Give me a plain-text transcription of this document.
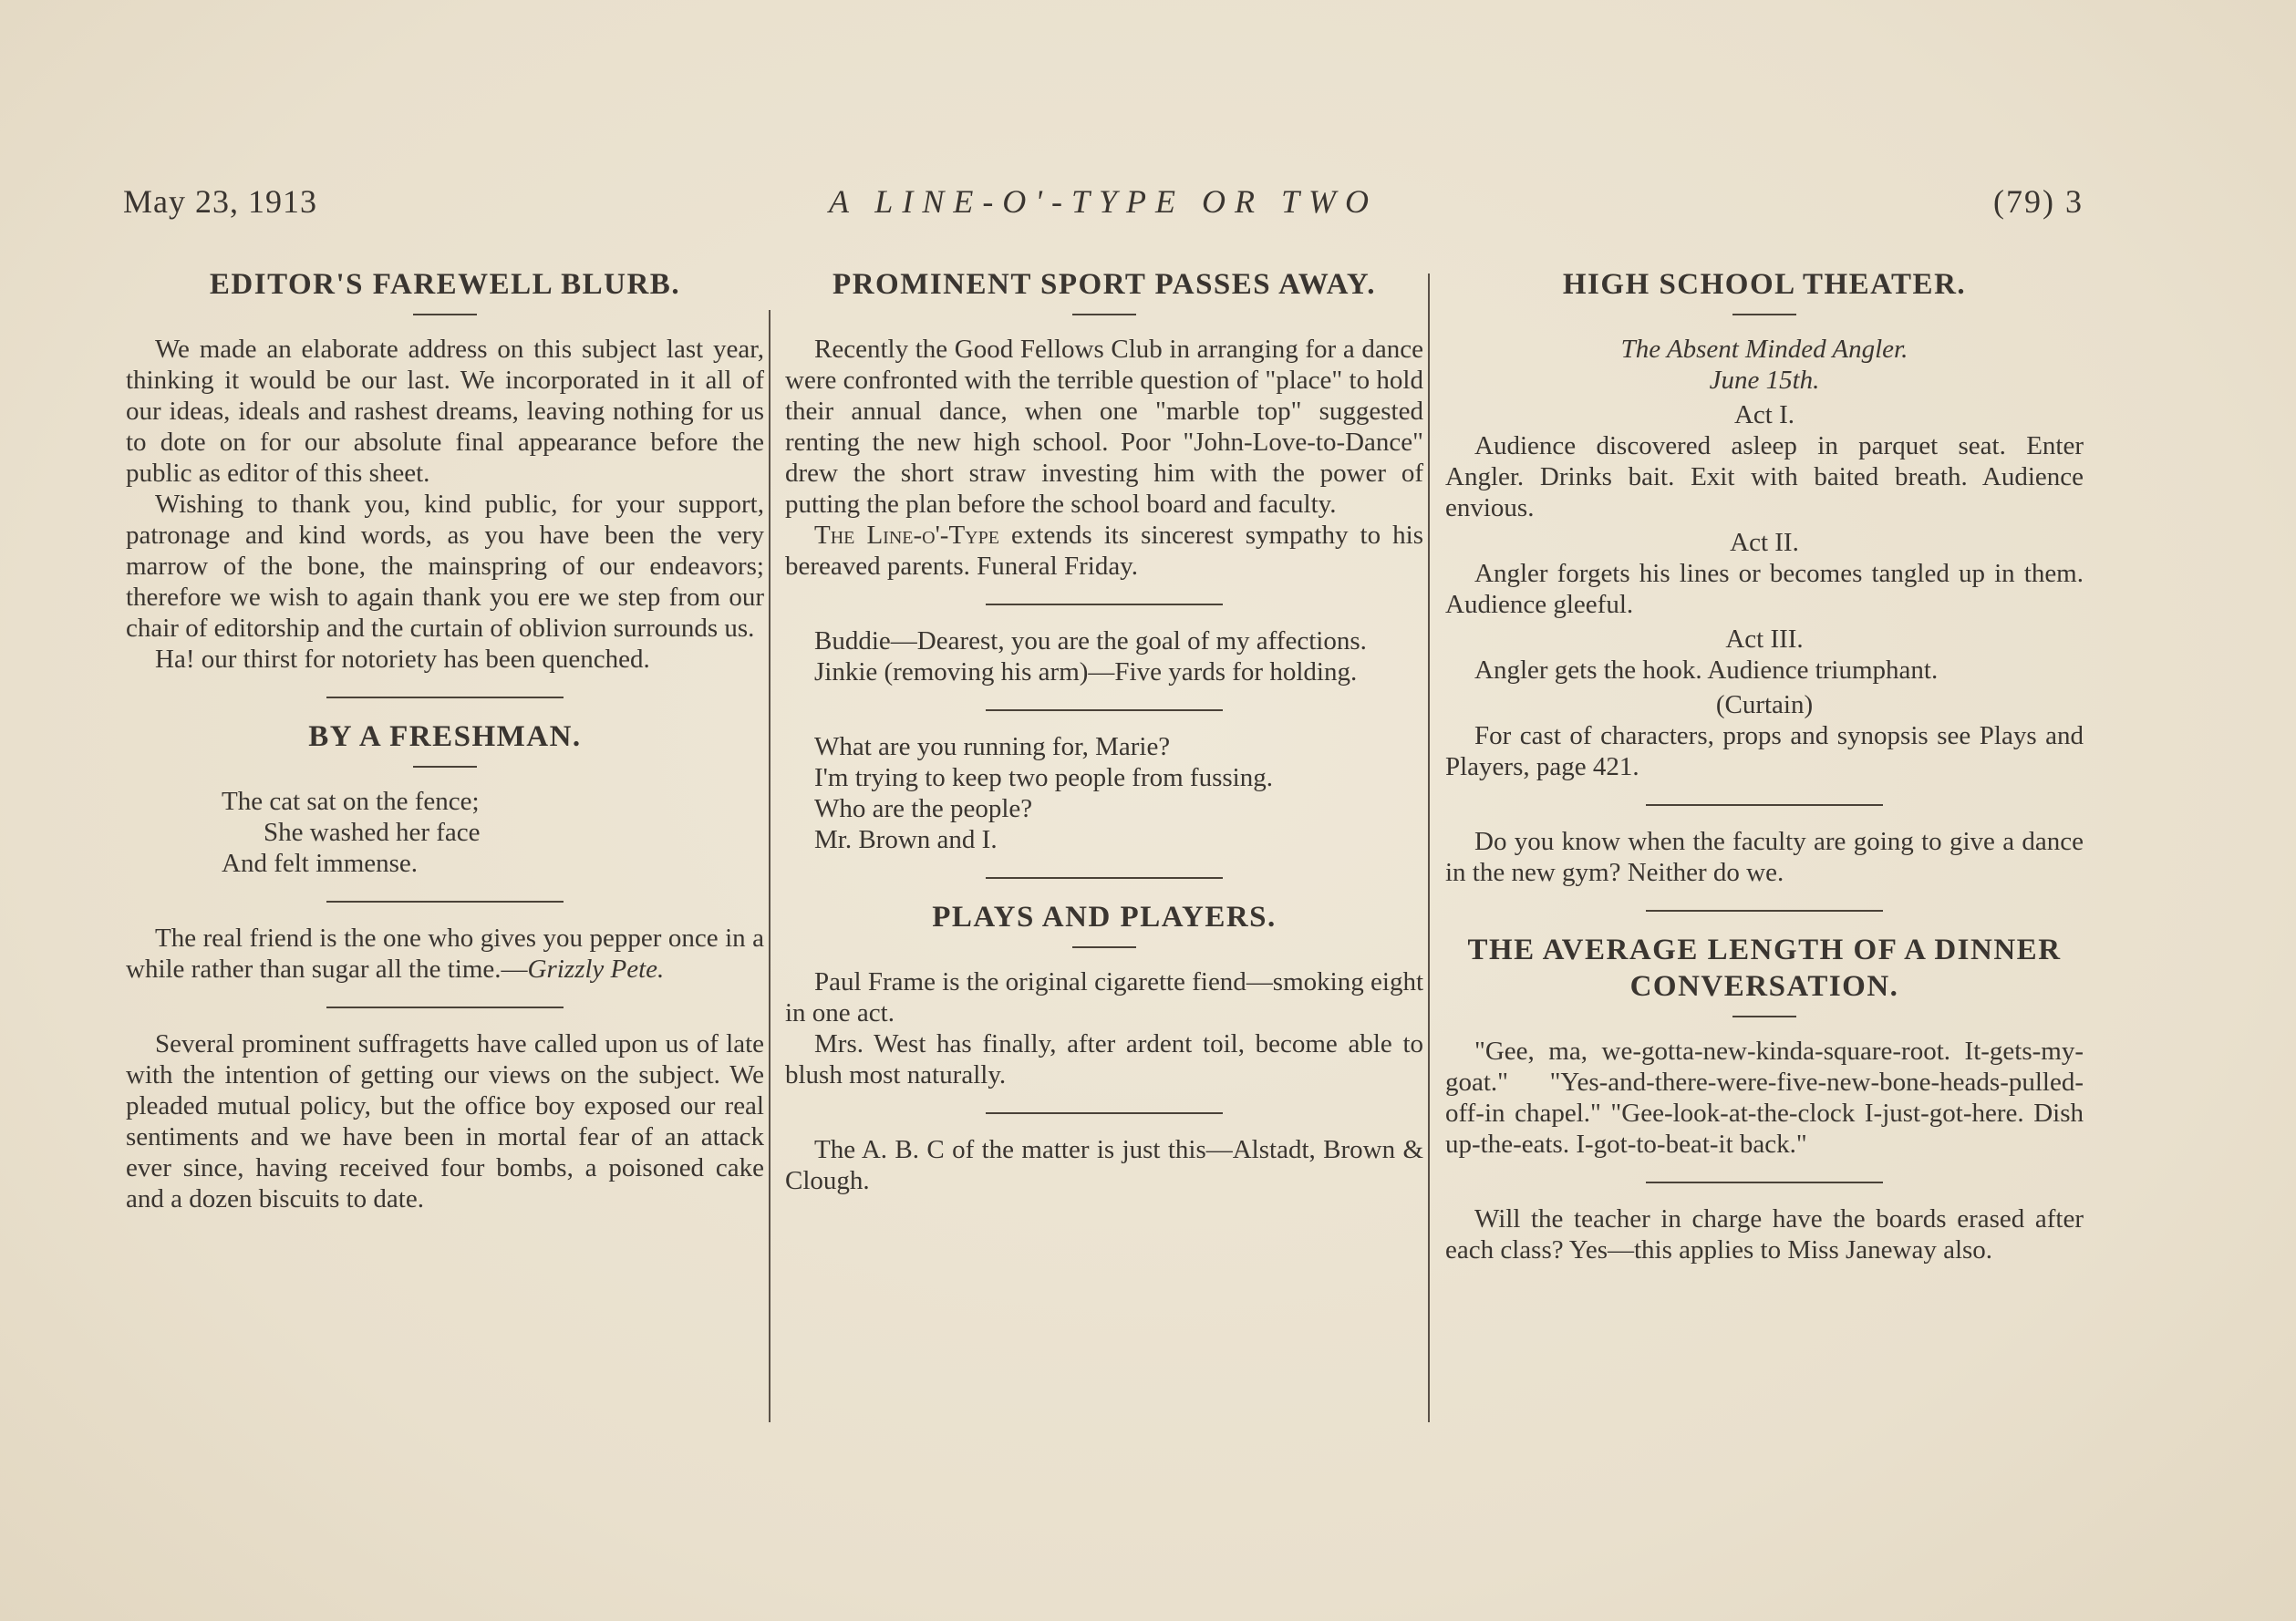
May 23, 1913	A LINE-O'-TYPE OR TWO	(79) 3
EDITOR'S FAREWELL BLURB.

We made an elaborate address on this subject last year, thinking it would be our last. We incorporated in it all of our ideas, ideals and rashest dreams, leaving nothing for us to dote on for our absolute final appearance before the public as editor of this sheet.

Wishing to thank you, kind public, for your support, patronage and kind words, as you have been the very marrow of the bone, the mainspring of our endeavors; therefore we wish to again thank you ere we step from our chair of editorship and the curtain of oblivion surrounds us.

Ha! our thirst for notoriety has been quenched.

BY A FRESHMAN.
The cat sat on the fence;
She washed her face
And felt immense.

The real friend is the one who gives you pepper once in a while rather than sugar all the time.—Grizzly Pete.

Several prominent suffragetts have called upon us of late with the intention of getting our views on the subject. We pleaded mutual policy, but the office boy exposed our real sentiments and we have been in mortal fear of an attack ever since, having received four bombs, a poisoned cake and a dozen biscuits to date.

PROMINENT SPORT PASSES AWAY.

Recently the Good Fellows Club in arranging for a dance were confronted with the terrible question of "place" to hold their annual dance, when one "marble top" suggested renting the new high school. Poor "John-Love-to-Dance" drew the short straw investing him with the power of putting the plan before the school board and faculty.

The Line-o'-Type extends its sincerest sympathy to his bereaved parents. Funeral Friday.

Buddie—Dearest, you are the goal of my affections.

Jinkie (removing his arm)—Five yards for holding.

What are you running for, Marie?

I'm trying to keep two people from fussing.

Who are the people?

Mr. Brown and I.

PLAYS AND PLAYERS.

Paul Frame is the original cigarette fiend—smoking eight in one act.

Mrs. West has finally, after ardent toil, become able to blush most naturally.

The A. B. C of the matter is just this—Alstadt, Brown & Clough.

HIGH SCHOOL THEATER.
The Absent Minded Angler.
June 15th.
Act I.

Audience discovered asleep in parquet seat. Enter Angler. Drinks bait. Exit with baited breath. Audience envious.

Act II.

Angler forgets his lines or becomes tangled up in them. Audience gleeful.

Act III.

Angler gets the hook. Audience triumphant.

(Curtain)

For cast of characters, props and synopsis see Plays and Players, page 421.

Do you know when the faculty are going to give a dance in the new gym? Neither do we.

THE AVERAGE LENGTH OF A DINNER CONVERSATION.

"Gee, ma, we-gotta-new-kinda-square-root. It-gets-my-goat." "Yes-and-there-were-five-new-bone-heads-pulled-off-in chapel." "Gee-look-at-the-clock I-just-got-here. Dish up-the-eats. I-got-to-beat-it back."

Will the teacher in charge have the boards erased after each class? Yes—this applies to Miss Janeway also.
